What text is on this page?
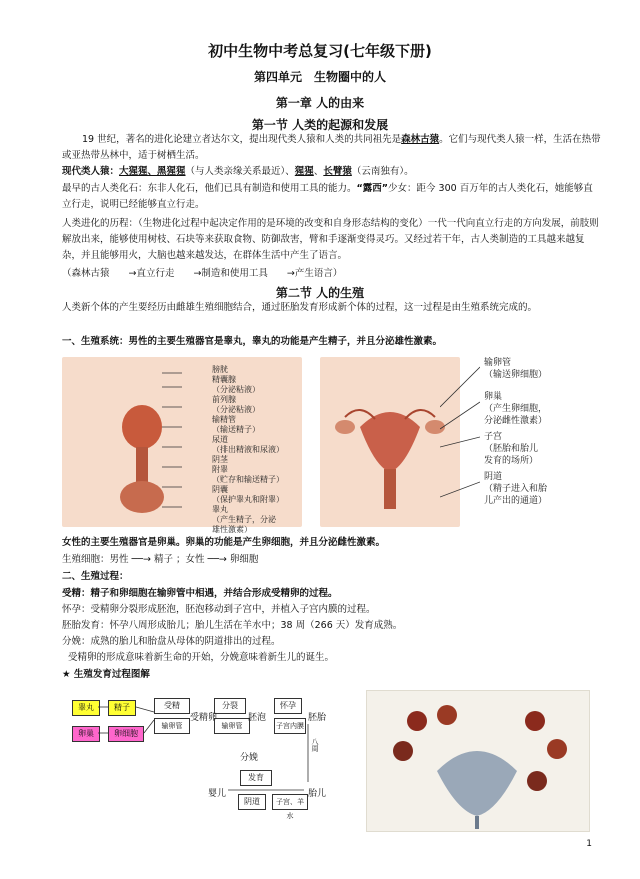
初中生物中考总复习(七年级下册)
第四单元　生物圈中的人
第一章 人的由来
第一节 人类的起源和发展
19 世纪，著名的进化论建立者达尔文，提出现代类人猿和人类的共同祖先是森林古猿。它们与现代类人猿一样，生活在热带或亚热带丛林中，适于树栖生活。
现代类人猿：大猩猩、黑猩猩（与人类亲缘关系最近）、猩猩、长臂猿（云南独有）。
最早的古人类化石：东非人化石，他们已具有制造和使用工具的能力。“露西”少女：距今 300 百万年的古人类化石，她能够直立行走，说明已经能够直立行走。
人类进化的历程：（生物进化过程中起决定作用的是环境的改变和自身形态结构的变化）一代一代向直立行走的方向发展，前肢则解放出来，能够使用树枝、石块等来获取食物、防御敌害，臂和手逐渐变得灵巧。又经过若干年，古人类制造的工具越来越复杂，并且能够用火，大脑也越来越发达，在群体生活中产生了语言。
（森林古猿　　→直立行走　　→制造和使用工具　　→产生语言）
第二节 人的生殖
人类新个体的产生要经历由雌雄生殖细胞结合，通过胚胎发育形成新个体的过程，这一过程是由生殖系统完成的。
一、生殖系统：男性的主要生殖器官是睾丸，睾丸的功能是产生精子，并且分泌雄性激素。
膀胱
精囊腺
（分泌粘液）
前列腺
（分泌粘液）
输精管
（输送精子）
尿道
（排出精液和尿液）
阴茎
附睾
（贮存和输送精子）
阴囊
（保护睾丸和附睾）
睾丸
（产生精子，分泌
雄性激素）
输卵管
（输送卵细胞）
卵巢
（产生卵细胞，
分泌雌性激素）
子宫
（胚胎和胎儿
发育的场所）
阴道
（精子进入和胎
儿产出的通道）
女性的主要生殖器官是卵巢。卵巢的功能是产生卵细胞，并且分泌雌性激素。
生殖细胞：男性 ──→ 精子 ；女性 ──→ 卵细胞
二、生殖过程：
受精：精子和卵细胞在输卵管中相遇，并结合形成受精卵的过程。
怀孕：受精卵分裂形成胚泡，胚泡移动到子宫中，并植入子宫内膜的过程。
胚胎发育：怀孕八周形成胎儿；胎儿生活在羊水中；38 周（266 天）发育成熟。
分娩：成熟的胎儿和胎盘从母体的阴道排出的过程。
受精卵的形成意味着新生命的开始，分娩意味着新生儿的诞生。
★ 生殖发育过程图解
睾丸	精子
卵巢	卵细胞
受精
输卵管
受精卵
分裂
输卵管
胚泡
怀孕
子宫内膜
胚胎
八周
发育
子宫、羊水
胎儿
阴道
分娩
婴儿
1
